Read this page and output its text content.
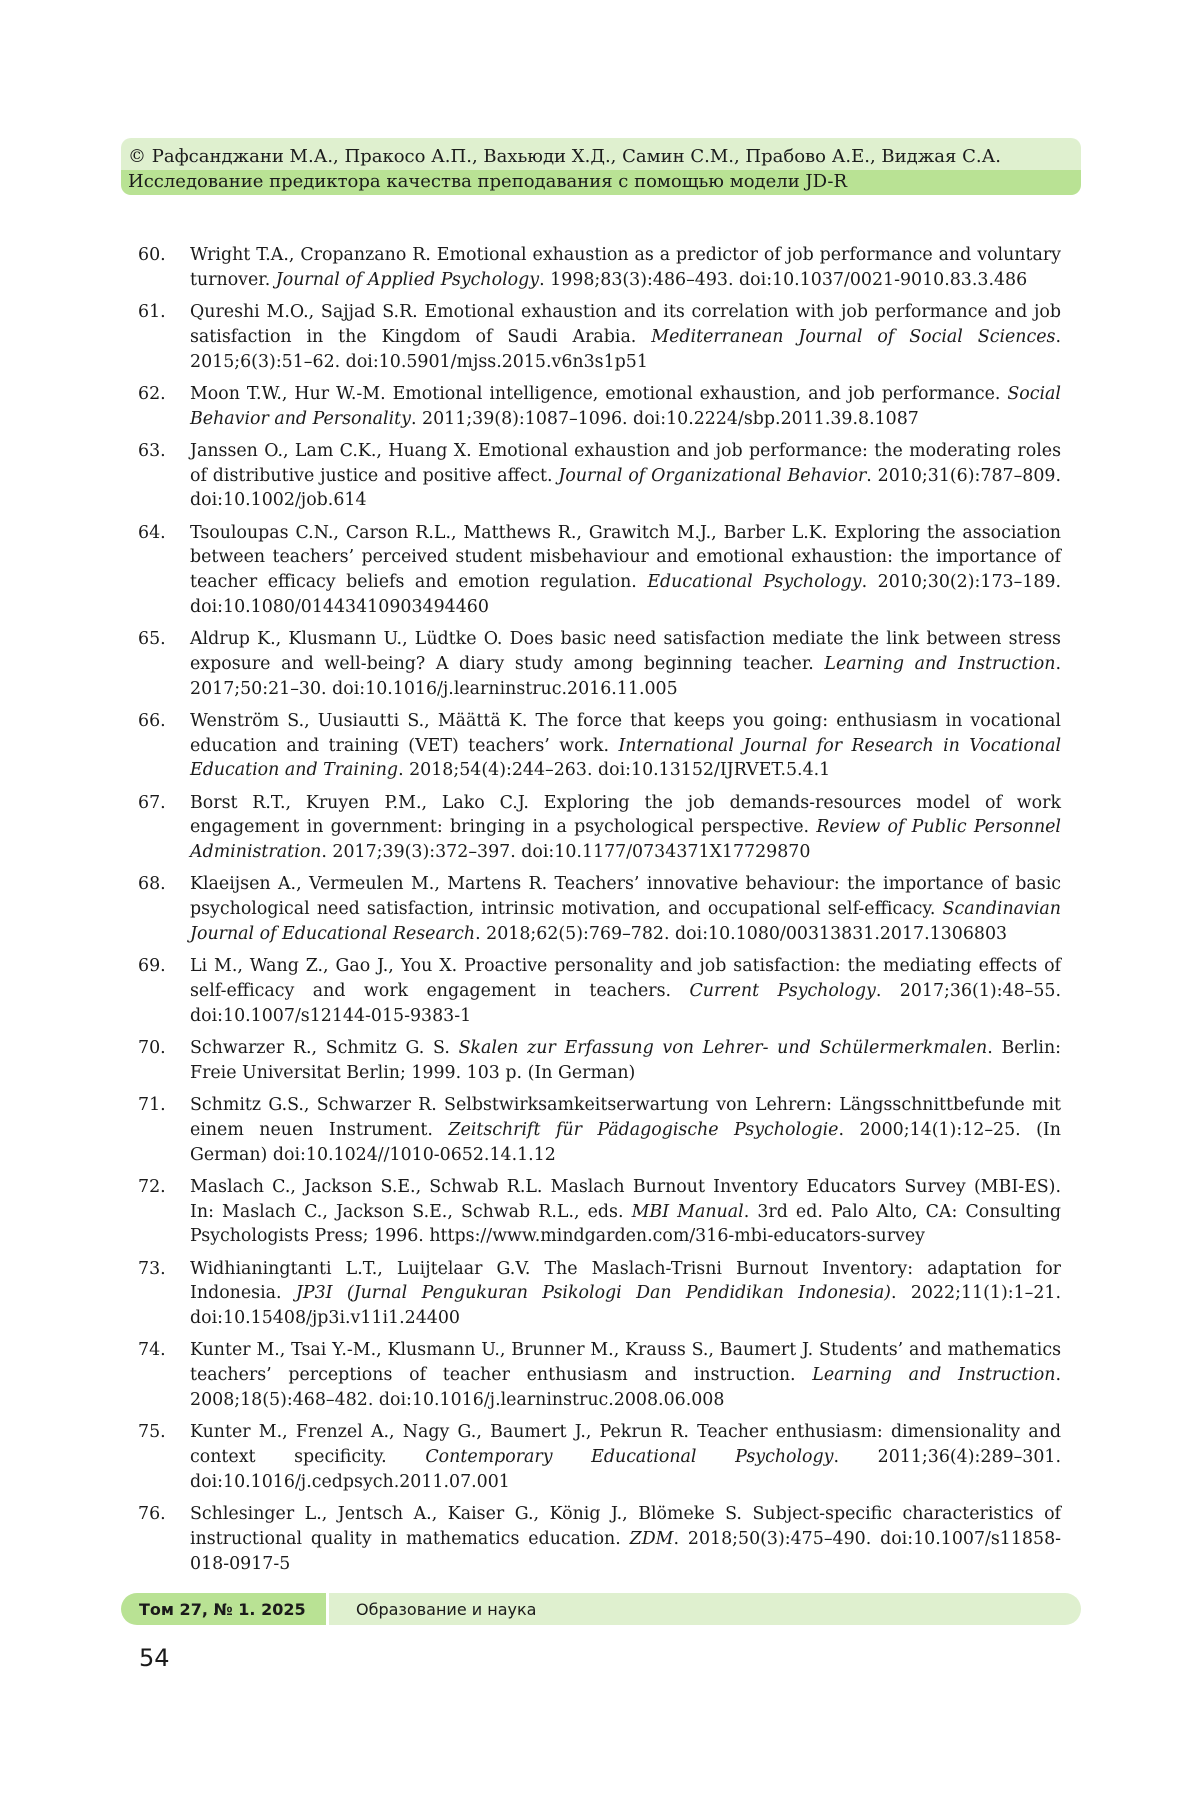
© Рафсанджани М.А., Пракосо А.П., Вахьюди Х.Д., Самин С.М., Прабово А.Е., Виджая С.А.
Исследование предиктора качества преподавания с помощью модели JD-R
60.	Wright T.A., Cropanzano R. Emotional exhaustion as a predictor of job performance and voluntary turnover. Journal of Applied Psychology. 1998;83(3):486–493. doi:10.1037/0021-9010.83.3.486
61.	Qureshi M.O., Sajjad S.R. Emotional exhaustion and its correlation with job performance and job satisfaction in the Kingdom of Saudi Arabia. Mediterranean Journal of Social Sciences. 2015;6(3):51–62. doi:10.5901/mjss.2015.v6n3s1p51
62.	Moon T.W., Hur W.-M. Emotional intelligence, emotional exhaustion, and job performance. Social Behavior and Personality. 2011;39(8):1087–1096. doi:10.2224/sbp.2011.39.8.1087
63.	Janssen O., Lam C.K., Huang X. Emotional exhaustion and job performance: the moderating roles of distributive justice and positive affect. Journal of Organizational Behavior. 2010;31(6):787–809. doi:10.1002/job.614
64.	Tsouloupas C.N., Carson R.L., Matthews R., Grawitch M.J., Barber L.K. Exploring the association between teachers’ perceived student misbehaviour and emotional exhaustion: the importance of teacher efficacy beliefs and emotion regulation. Educational Psychology. 2010;30(2):173–189. doi:10.1080/01443410903494460
65.	Aldrup K., Klusmann U., Lüdtke O. Does basic need satisfaction mediate the link between stress exposure and well-being? A diary study among beginning teacher. Learning and Instruction. 2017;50:21–30. doi:10.1016/j.learninstruc.2016.11.005
66.	Wenström S., Uusiautti S., Määttä K. The force that keeps you going: enthusiasm in vocational education and training (VET) teachers’ work. International Journal for Research in Vocational Education and Training. 2018;54(4):244–263. doi:10.13152/IJRVET.5.4.1
67.	Borst R.T., Kruyen P.M., Lako C.J. Exploring the job demands-resources model of work engagement in government: bringing in a psychological perspective. Review of Public Personnel Administration. 2017;39(3):372–397. doi:10.1177/0734371X17729870
68.	Klaeijsen A., Vermeulen M., Martens R. Teachers’ innovative behaviour: the importance of basic psychological need satisfaction, intrinsic motivation, and occupational self-efficacy. Scandinavian Journal of Educational Research. 2018;62(5):769–782. doi:10.1080/00313831.2017.1306803
69.	Li M., Wang Z., Gao J., You X. Proactive personality and job satisfaction: the mediating effects of self-efficacy and work engagement in teachers. Current Psychology. 2017;36(1):48–55. doi:10.1007/s12144-015-9383-1
70.	Schwarzer R., Schmitz G. S. Skalen zur Erfassung von Lehrer- und Schülermerkmalen. Berlin: Freie Universitat Berlin; 1999. 103 p. (In German)
71.	Schmitz G.S., Schwarzer R. Selbstwirksamkeitserwartung von Lehrern: Längsschnittbefunde mit einem neuen Instrument. Zeitschrift für Pädagogische Psychologie. 2000;14(1):12–25. (In German) doi:10.1024//1010-0652.14.1.12
72.	Maslach C., Jackson S.E., Schwab R.L. Maslach Burnout Inventory Educators Survey (MBI-ES). In: Maslach C., Jackson S.E., Schwab R.L., eds. MBI Manual. 3rd ed. Palo Alto, CA: Consulting Psychologists Press; 1996. https://www.mindgarden.com/316-mbi-educators-survey
73.	Widhianingtanti L.T., Luijtelaar G.V. The Maslach-Trisni Burnout Inventory: adaptation for Indonesia. JP3I (Jurnal Pengukuran Psikologi Dan Pendidikan Indonesia). 2022;11(1):1–21. doi:10.15408/jp3i.v11i1.24400
74.	Kunter M., Tsai Y.-M., Klusmann U., Brunner M., Krauss S., Baumert J. Students’ and mathematics teachers’ perceptions of teacher enthusiasm and instruction. Learning and Instruction. 2008;18(5):468–482. doi:10.1016/j.learninstruc.2008.06.008
75.	Kunter M., Frenzel A., Nagy G., Baumert J., Pekrun R. Teacher enthusiasm: dimensionality and context specificity. Contemporary Educational Psychology. 2011;36(4):289–301. doi:10.1016/j.cedpsych.2011.07.001
76.	Schlesinger L., Jentsch A., Kaiser G., König J., Blömeke S. Subject-specific characteristics of instructional quality in mathematics education. ZDM. 2018;50(3):475–490. doi:10.1007/s11858-018-0917-5
Том 27, № 1. 2025	Образование и наука
54
